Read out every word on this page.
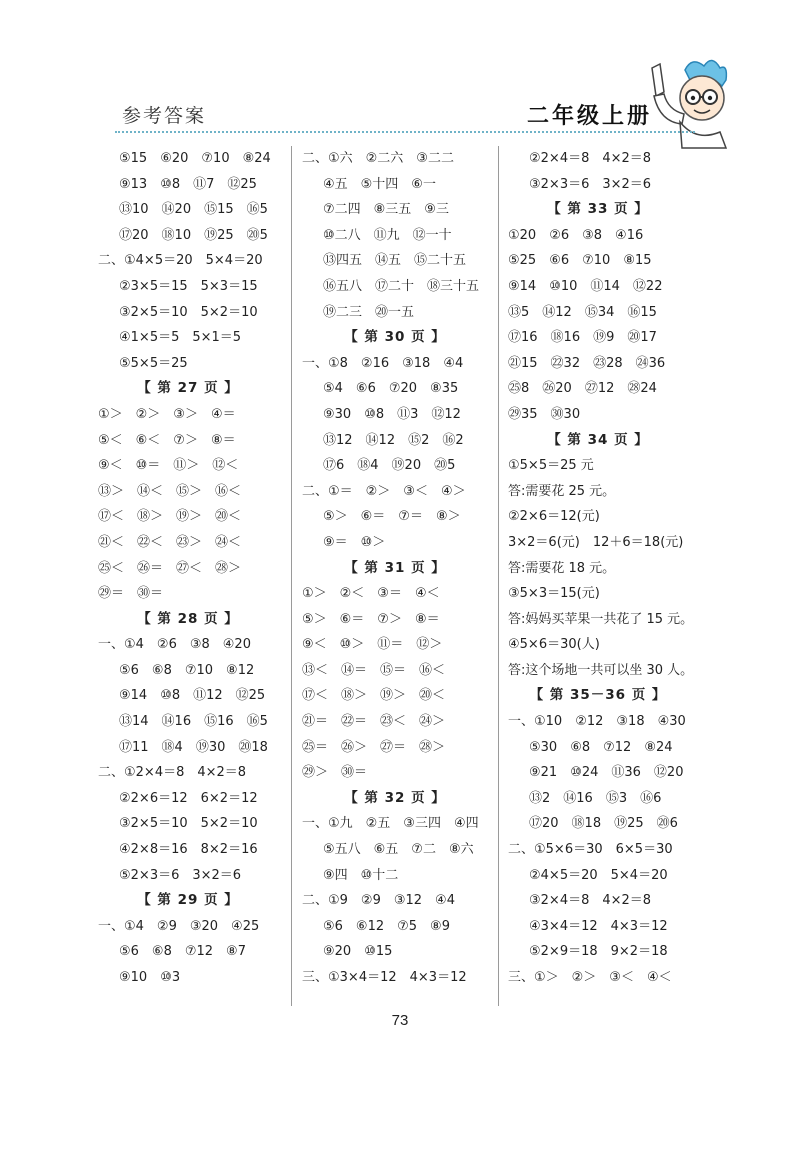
参考答案	二年级上册
⑤15　⑥20　⑦10　⑧24
⑨13　⑩8　⑪7　⑫25
⑬10　⑭20　⑮15　⑯5
⑰20　⑱10　⑲25　⑳5
二、①4×5＝20　5×4＝20
②3×5＝15　5×3＝15
③2×5＝10　5×2＝10
④1×5＝5　5×1＝5
⑤5×5＝25
【 第 27 页 】
①＞　②＞　③＞　④＝
⑤＜　⑥＜　⑦＞　⑧＝
⑨＜　⑩＝　⑪＞　⑫＜
⑬＞　⑭＜　⑮＞　⑯＜
⑰＜　⑱＞　⑲＞　⑳＜
㉑＜　㉒＜　㉓＞　㉔＜
㉕＜　㉖＝　㉗＜　㉘＞
㉙＝　㉚＝
【 第 28 页 】
一、①4　②6　③8　④20
⑤6　⑥8　⑦10　⑧12
⑨14　⑩8　⑪12　⑫25
⑬14　⑭16　⑮16　⑯5
⑰11　⑱4　⑲30　⑳18
二、①2×4＝8　4×2＝8
②2×6＝12　6×2＝12
③2×5＝10　5×2＝10
④2×8＝16　8×2＝16
⑤2×3＝6　3×2＝6
【 第 29 页 】
一、①4　②9　③20　④25
⑤6　⑥8　⑦12　⑧7
⑨10　⑩3
二、①六　②二六　③二二
④五　⑤十四　⑥一
⑦二四　⑧三五　⑨三
⑩二八　⑪九　⑫一十
⑬四五　⑭五　⑮二十五
⑯五八　⑰二十　⑱三十五
⑲二三　⑳一五
【 第 30 页 】
一、①8　②16　③18　④4
⑤4　⑥6　⑦20　⑧35
⑨30　⑩8　⑪3　⑫12
⑬12　⑭12　⑮2　⑯2
⑰6　⑱4　⑲20　⑳5
二、①＝　②＞　③＜　④＞
⑤＞　⑥＝　⑦＝　⑧＞
⑨＝　⑩＞
【 第 31 页 】
①＞　②＜　③＝　④＜
⑤＞　⑥＝　⑦＞　⑧＝
⑨＜　⑩＞　⑪＝　⑫＞
⑬＜　⑭＝　⑮＝　⑯＜
⑰＜　⑱＞　⑲＞　⑳＜
㉑＝　㉒＝　㉓＜　㉔＞
㉕＝　㉖＞　㉗＝　㉘＞
㉙＞　㉚＝
【 第 32 页 】
一、①九　②五　③三四　④四
⑤五八　⑥五　⑦二　⑧六
⑨四　⑩十二
二、①9　②9　③12　④4
⑤6　⑥12　⑦5　⑧9
⑨20　⑩15
三、①3×4＝12　4×3＝12
②2×4＝8　4×2＝8
③2×3＝6　3×2＝6
【 第 33 页 】
①20　②6　③8　④16
⑤25　⑥6　⑦10　⑧15
⑨14　⑩10　⑪14　⑫22
⑬5　⑭12　⑮34　⑯15
⑰16　⑱16　⑲9　⑳17
㉑15　㉒32　㉓28　㉔36
㉕8　㉖20　㉗12　㉘24
㉙35　㉚30
【 第 34 页 】
①5×5＝25 元
答:需要花 25 元。
②2×6＝12(元)
3×2＝6(元)　12＋6＝18(元)
答:需要花 18 元。
③5×3＝15(元)
答:妈妈买苹果一共花了 15 元。
④5×6＝30(人)
答:这个场地一共可以坐 30 人。
【 第 35－36 页 】
一、①10　②12　③18　④30
⑤30　⑥8　⑦12　⑧24
⑨21　⑩24　⑪36　⑫20
⑬2　⑭16　⑮3　⑯6
⑰20　⑱18　⑲25　⑳6
二、①5×6＝30　6×5＝30
②4×5＝20　5×4＝20
③2×4＝8　4×2＝8
④3×4＝12　4×3＝12
⑤2×9＝18　9×2＝18
三、①＞　②＞　③＜　④＜
73
